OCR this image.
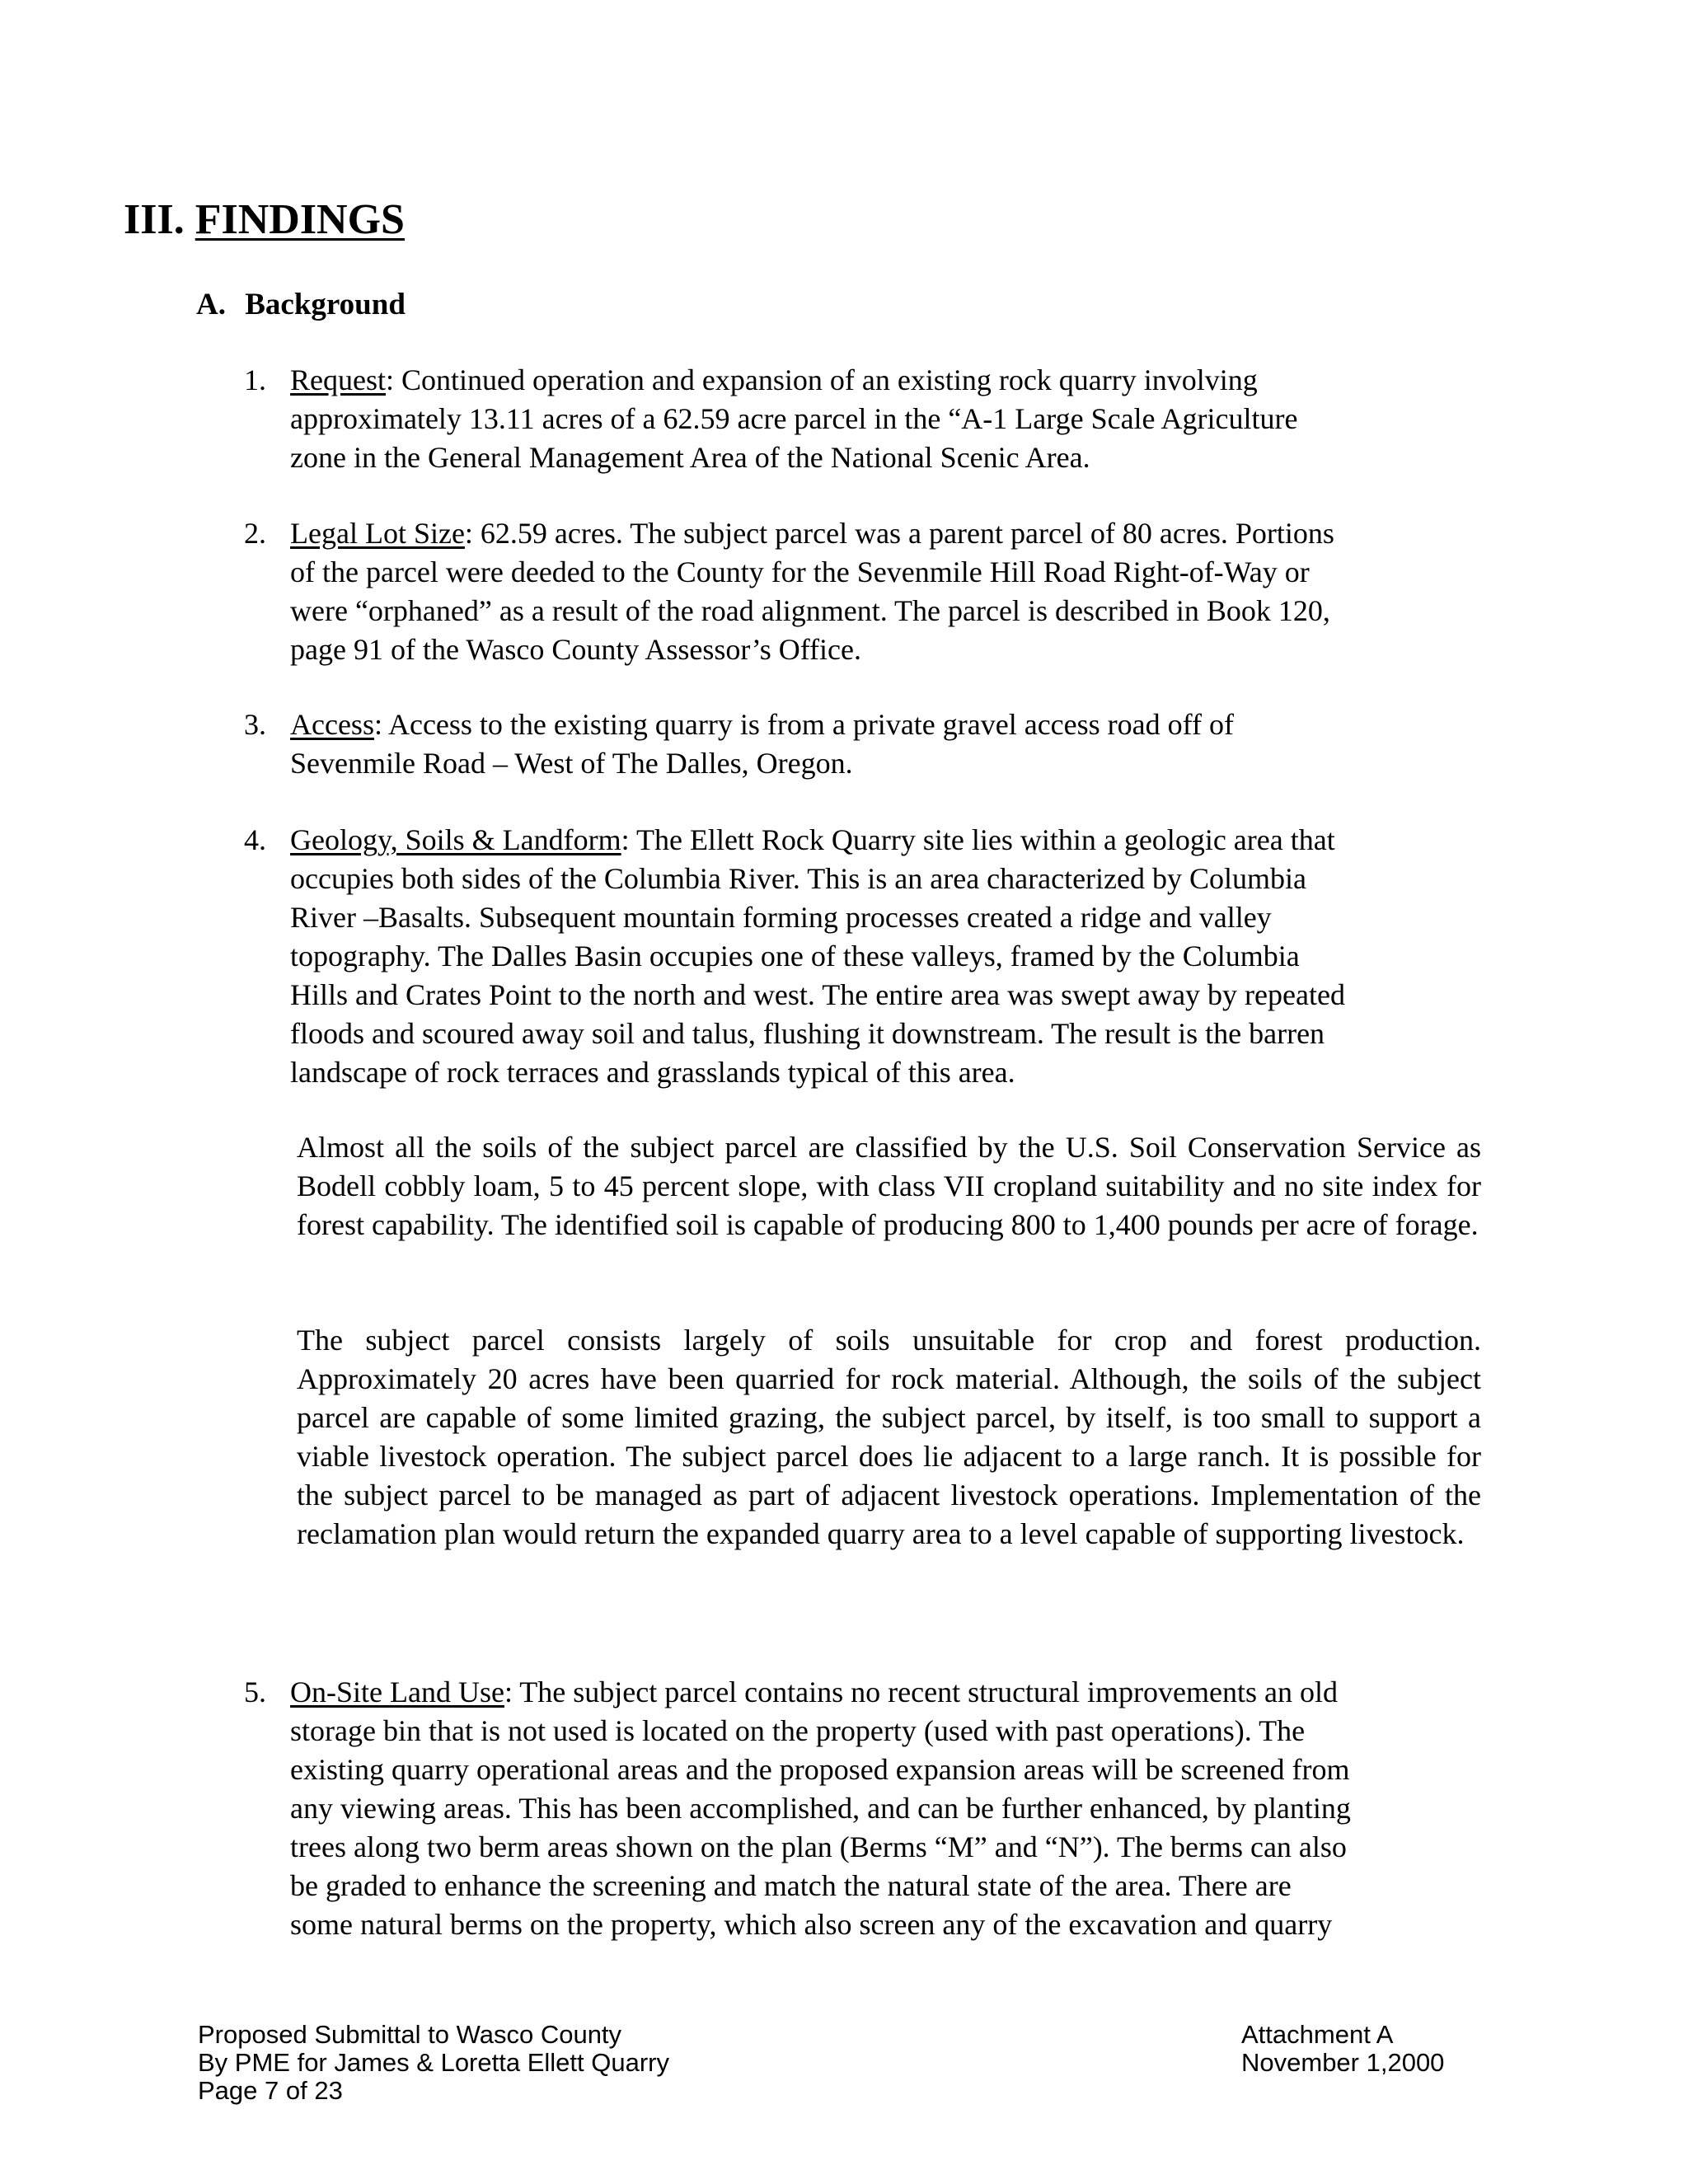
III. FINDINGS
A. Background
1. Request: Continued operation and expansion of an existing rock quarry involving
approximately 13.11 acres of a 62.59 acre parcel in the “A-1 Large Scale Agriculture
zone in the General Management Area of the National Scenic Area.
2. Legal Lot Size: 62.59 acres. The subject parcel was a parent parcel of 80 acres. Portions
of the parcel were deeded to the County for the Sevenmile Hill Road Right-of-Way or
were “orphaned” as a result of the road alignment. The parcel is described in Book 120,
page 91 of the Wasco County Assessor’s Office.
3. Access: Access to the existing quarry is from a private gravel access road off of
Sevenmile Road – West of The Dalles, Oregon.
4. Geology, Soils & Landform: The Ellett Rock Quarry site lies within a geologic area that
occupies both sides of the Columbia River. This is an area characterized by Columbia
River –Basalts. Subsequent mountain forming processes created a ridge and valley
topography. The Dalles Basin occupies one of these valleys, framed by the Columbia
Hills and Crates Point to the north and west. The entire area was swept away by repeated
floods and scoured away soil and talus, flushing it downstream. The result is the barren
landscape of rock terraces and grasslands typical of this area.
Almost all the soils of the subject parcel are classified by the U.S. Soil Conservation Service as Bodell cobbly loam, 5 to 45 percent slope, with class VII cropland suitability and no site index for forest capability. The identified soil is capable of producing 800 to 1,400 pounds per acre of forage.
The subject parcel consists largely of soils unsuitable for crop and forest production. Approximately 20 acres have been quarried for rock material. Although, the soils of the subject parcel are capable of some limited grazing, the subject parcel, by itself, is too small to support a viable livestock operation. The subject parcel does lie adjacent to a large ranch. It is possible for the subject parcel to be managed as part of adjacent livestock operations. Implementation of the reclamation plan would return the expanded quarry area to a level capable of supporting livestock.
5. On-Site Land Use: The subject parcel contains no recent structural improvements an old
storage bin that is not used is located on the property (used with past operations). The
existing quarry operational areas and the proposed expansion areas will be screened from
any viewing areas. This has been accomplished, and can be further enhanced, by planting
trees along two berm areas shown on the plan (Berms “M” and “N”). The berms can also
be graded to enhance the screening and match the natural state of the area. There are
some natural berms on the property, which also screen any of the excavation and quarry
Proposed Submittal to Wasco County
By PME for James & Loretta Ellett Quarry
Page 7 of 23
Attachment A
November 1,2000
